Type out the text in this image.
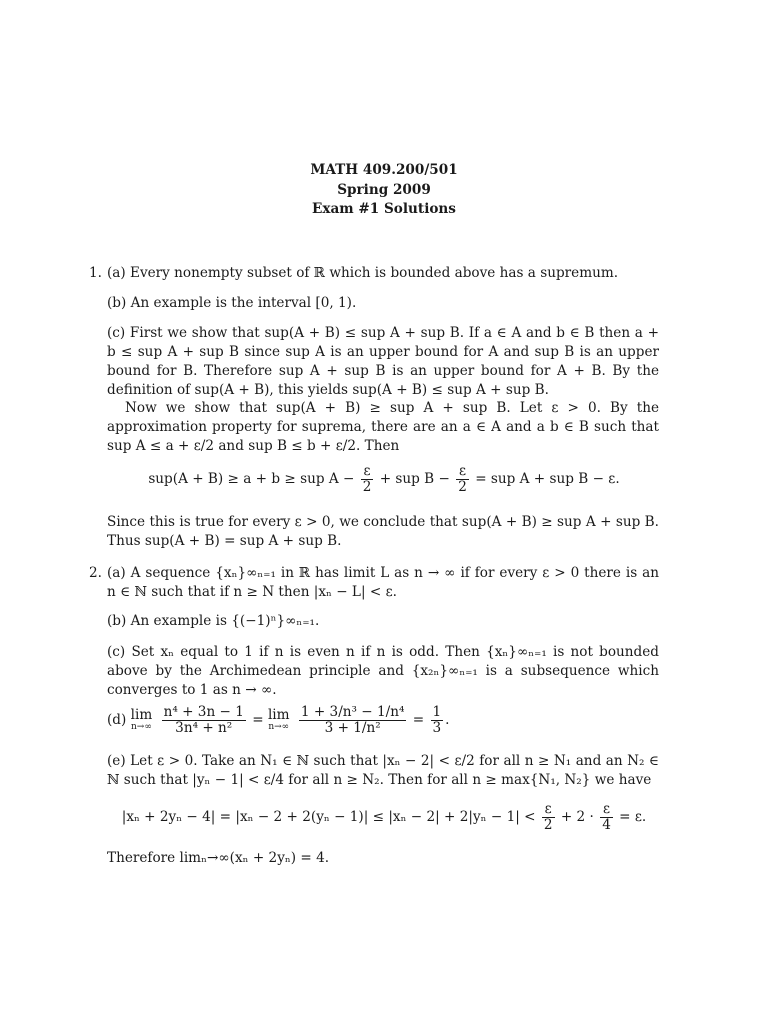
MATH 409.200/501
Spring 2009
Exam #1 Solutions
1. (a) Every nonempty subset of ℝ which is bounded above has a supremum.
(b) An example is the interval [0, 1).
(c) First we show that sup(A + B) ≤ sup A + sup B. If a ∈ A and b ∈ B then a + b ≤ sup A + sup B since sup A is an upper bound for A and sup B is an upper bound for B. Therefore sup A + sup B is an upper bound for A + B. By the definition of sup(A + B), this yields sup(A + B) ≤ sup A + sup B.
Now we show that sup(A + B) ≥ sup A + sup B. Let ε > 0. By the approximation property for suprema, there are an a ∈ A and a b ∈ B such that sup A ≤ a + ε/2 and sup B ≤ b + ε/2. Then
sup(A + B) ≥ a + b ≥ sup $A - \frac{\varepsilon}{2}$ + sup $B - \frac{\varepsilon}{2}$ = sup A + sup B − ε.
Since this is true for every ε > 0, we conclude that sup(A + B) ≥ sup A + sup B. Thus sup(A + B) = sup A + sup B.
2. (a) A sequence {xₙ}∞ₙ₌₁ in ℝ has limit L as n → ∞ if for every ε > 0 there is an n ∈ ℕ such that if n ≥ N then |xₙ − L| < ε.
(b) An example is {(−1)ⁿ}∞ₙ₌₁.
(c) Set xₙ equal to 1 if n is even n if n is odd. Then {xₙ}∞ₙ₌₁ is not bounded above by the Archimedean principle and {x₂ₙ}∞ₙ₌₁ is a subsequence which converges to 1 as n → ∞.
(d) lim
n→∞
$\frac{\text{n⁴ + 3n − 1}}{\text{3n⁴ + n²}} = \lim$
n→∞
$\frac{\text{1 + 3/n³ − 1/n⁴}}{\text{3 + 1/n²}} = \frac{1}{3}$ .
(e) Let ε > 0. Take an N₁ ∈ ℕ such that |xₙ − 2| < ε/2 for all n ≥ N₁ and an N₂ ∈ ℕ such that |yₙ − 1| < ε/4 for all n ≥ N₂. Then for all n ≥ max{N₁, N₂} we have
$|x_n + 2y_n - 4| = |x_n - 2 + 2(y_n - 1)| \le |x_n - 2| + 2|y_n - 1| < \frac{\varepsilon}{2} + 2 \cdot \frac{\varepsilon}{4} = \varepsilon$.
Therefore limₙ→∞(xₙ + 2yₙ) = 4.
